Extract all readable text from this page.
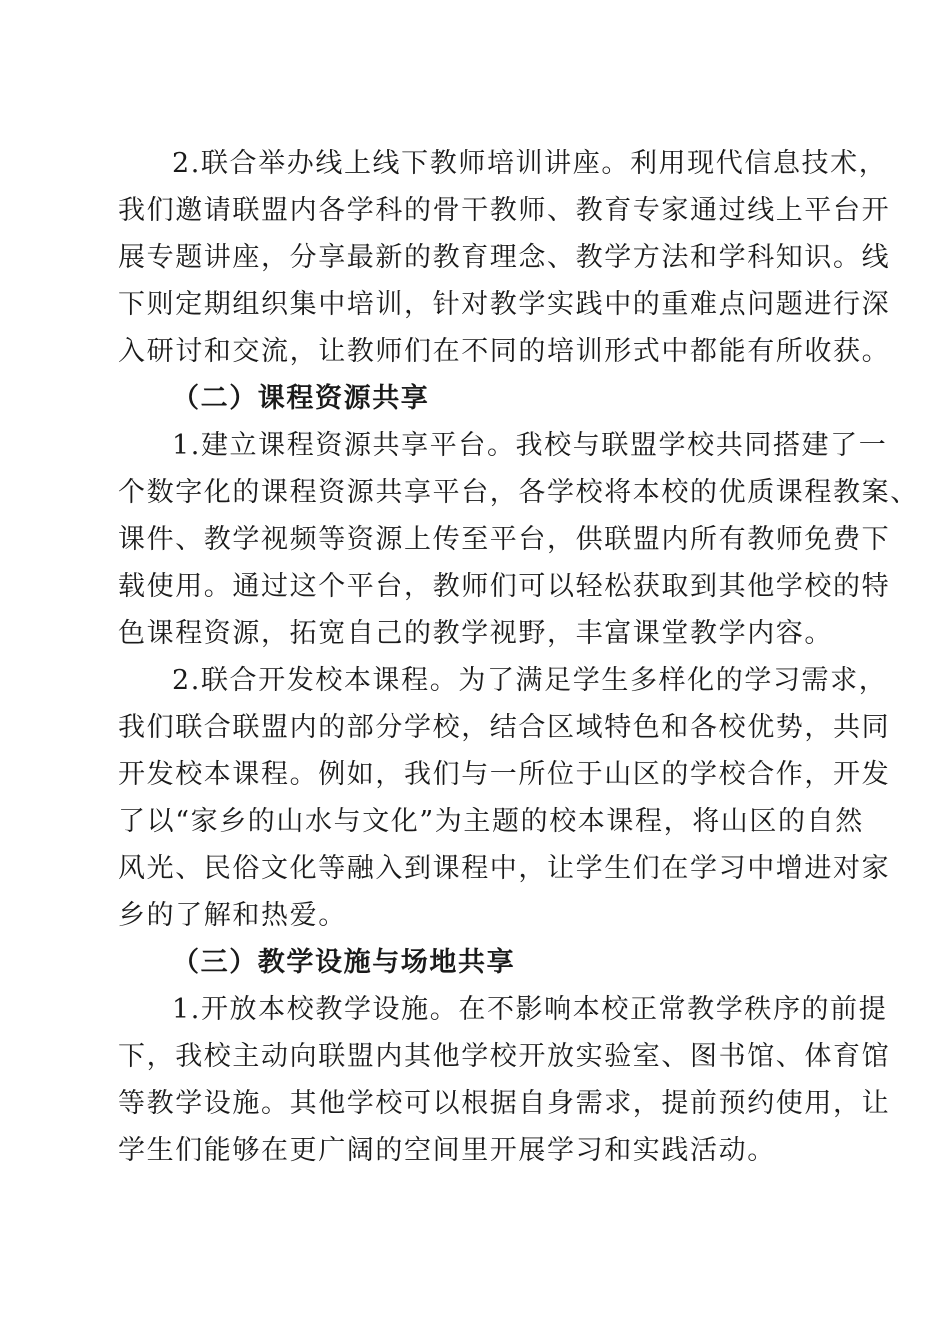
2.联合举办线上线下教师培训讲座。利用现代信息技术，
我们邀请联盟内各学科的骨干教师、教育专家通过线上平台开
展专题讲座，分享最新的教育理念、教学方法和学科知识。线
下则定期组织集中培训，针对教学实践中的重难点问题进行深
入研讨和交流，让教师们在不同的培训形式中都能有所收获。
（二）课程资源共享
1.建立课程资源共享平台。我校与联盟学校共同搭建了一
个数字化的课程资源共享平台，各学校将本校的优质课程教案、
课件、教学视频等资源上传至平台，供联盟内所有教师免费下
载使用。通过这个平台，教师们可以轻松获取到其他学校的特
色课程资源，拓宽自己的教学视野，丰富课堂教学内容。
2.联合开发校本课程。为了满足学生多样化的学习需求，
我们联合联盟内的部分学校，结合区域特色和各校优势，共同
开发校本课程。例如，我们与一所位于山区的学校合作，开发
了以“家乡的山水与文化”为主题的校本课程，将山区的自然
风光、民俗文化等融入到课程中，让学生们在学习中增进对家
乡的了解和热爱。
（三）教学设施与场地共享
1.开放本校教学设施。在不影响本校正常教学秩序的前提
下，我校主动向联盟内其他学校开放实验室、图书馆、体育馆
等教学设施。其他学校可以根据自身需求，提前预约使用，让
学生们能够在更广阔的空间里开展学习和实践活动。
